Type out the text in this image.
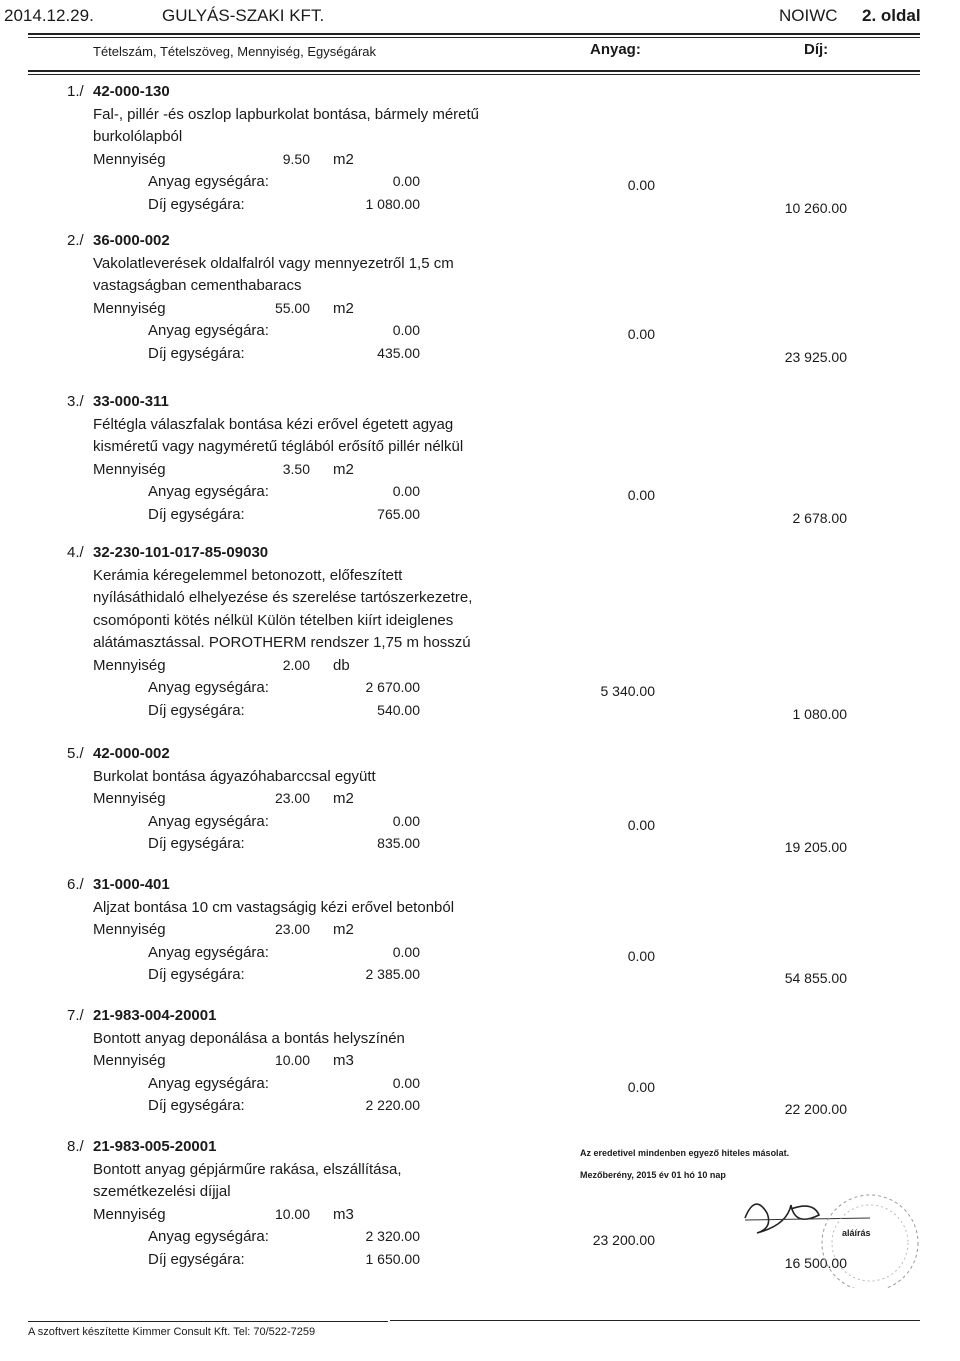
2014.12.29.	GULYÁS-SZAKI KFT.	NOIWC 2. oldal
Tételszám, Tételszöveg, Mennyiség, Egységárak	Anyag:	Díj:
1./ 42-000-130
Fal-, pillér -és oszlop lapburkolat bontása, bármely méretű
burkolólapból
Mennyiség	9.50 m2
Anyag egységára:	0.00	0.00
Díj egységára:	1 080.00	10 260.00
2./ 36-000-002
Vakolatleverések oldalfalról vagy mennyezetről 1,5 cm
vastagságban cementhabaracs
Mennyiség	55.00 m2
Anyag egységára:	0.00	0.00
Díj egységára:	435.00	23 925.00
3./ 33-000-311
Féltégla válaszfalak bontása kézi erővel égetett agyag
kisméretű vagy nagyméretű téglából erősítő pillér nélkül
Mennyiség	3.50 m2
Anyag egységára:	0.00	0.00
Díj egységára:	765.00	2 678.00
4./ 32-230-101-017-85-09030
Kerámia kéregelemmel betonozott, előfeszített
nyílásáthidaló elhelyezése és szerelése tartószerkezetre,
csomóponti kötés nélkül Külön tételben kiírt ideiglenes
alátámasztással. POROTHERM rendszer 1,75 m hosszú
Mennyiség	2.00 db
Anyag egységára:	2 670.00	5 340.00
Díj egységára:	540.00	1 080.00
5./ 42-000-002
Burkolat bontása ágyazóhabarccsal együtt
Mennyiség	23.00 m2
Anyag egységára:	0.00	0.00
Díj egységára:	835.00	19 205.00
6./ 31-000-401
Aljzat bontása 10 cm vastagságig kézi erővel betonból
Mennyiség	23.00 m2
Anyag egységára:	0.00	0.00
Díj egységára:	2 385.00	54 855.00
7./ 21-983-004-20001
Bontott anyag deponálása a bontás helyszínén
Mennyiség	10.00 m3
Anyag egységára:	0.00	0.00
Díj egységára:	2 220.00	22 200.00
8./ 21-983-005-20001
Bontott anyag gépjárműre rakása, elszállítása,
szemétkezelési díjjal
Mennyiség	10.00 m3
Anyag egységára:	2 320.00	23 200.00
Díj egységára:	1 650.00	16 500.00
Az eredetivel mindenben egyező hiteles másolat.
Mezőberény, 2015 év 01 hó 10 nap
aláírás
A szoftvert készítette Kimmer Consult Kft. Tel: 70/522-7259
